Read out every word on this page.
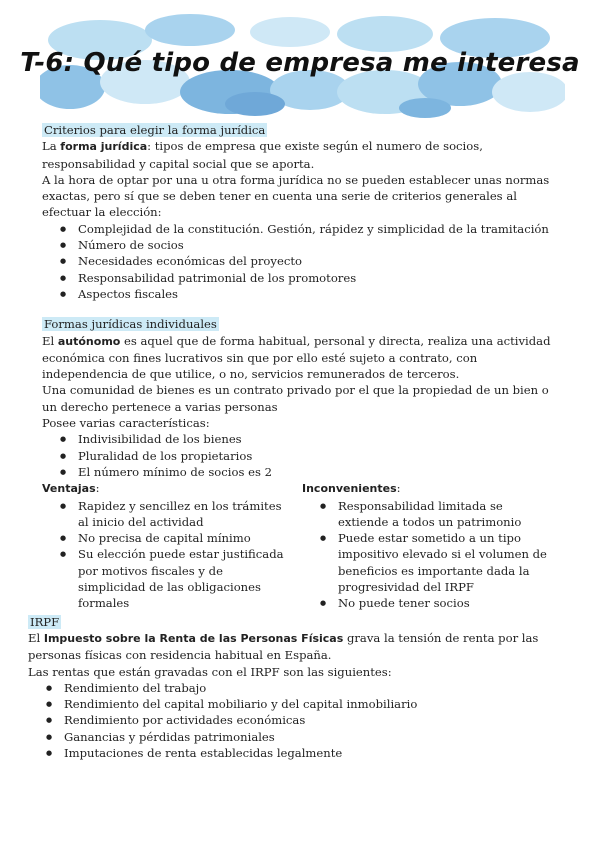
T-6: Qué tipo de empresa me interesa

Criterios para elegir la forma jurídica

La forma jurídica: tipos de empresa que existe según el numero de socios, responsabilidad y capital social que se aporta.

A la hora de optar por una u otra forma jurídica no se pueden establecer unas normas exactas, pero sí que se deben tener en cuenta una serie de criterios generales al efectuar la elección:

● Complejidad de la constitución. Gestión, rápidez y simplicidad de la tramitación
● Número de socios
● Necesidades económicas del proyecto
● Responsabilidad patrimonial de los promotores
● Aspectos fiscales

Formas jurídicas individuales

El autónomo es aquel que de forma habitual, personal y directa, realiza una actividad económica con fines lucrativos sin que por ello esté sujeto a contrato, con independencia de que utilice, o no, servicios remunerados de terceros.

Una comunidad de bienes es un contrato privado por el que la propiedad de un bien o un derecho pertenece a varias personas

Posee varias características:

● Indivisibilidad de los bienes
● Pluralidad de los propietarios
● El número mínimo de socios es 2

Ventajas:

● Rapidez y sencillez en los trámites al inicio del actividad
● No precisa de capital mínimo
● Su elección puede estar justificada por motivos fiscales y de simplicidad de las obligaciones formales

Inconvenientes:

● Responsabilidad limitada se extiende a todos un patrimonio
● Puede estar sometido a un tipo impositivo elevado si el volumen de beneficios es importante dada la progresividad del IRPF
● No puede tener socios

IRPF

El Impuesto sobre la Renta de las Personas Físicas grava la tensión de renta por las personas físicas con residencia habitual en España.

Las rentas que están gravadas con el IRPF son las siguientes:

● Rendimiento del trabajo
● Rendimiento del capital mobiliario y del capital inmobiliario
● Rendimiento por actividades económicas
● Ganancias y pérdidas patrimoniales
● Imputaciones de renta establecidas legalmente
